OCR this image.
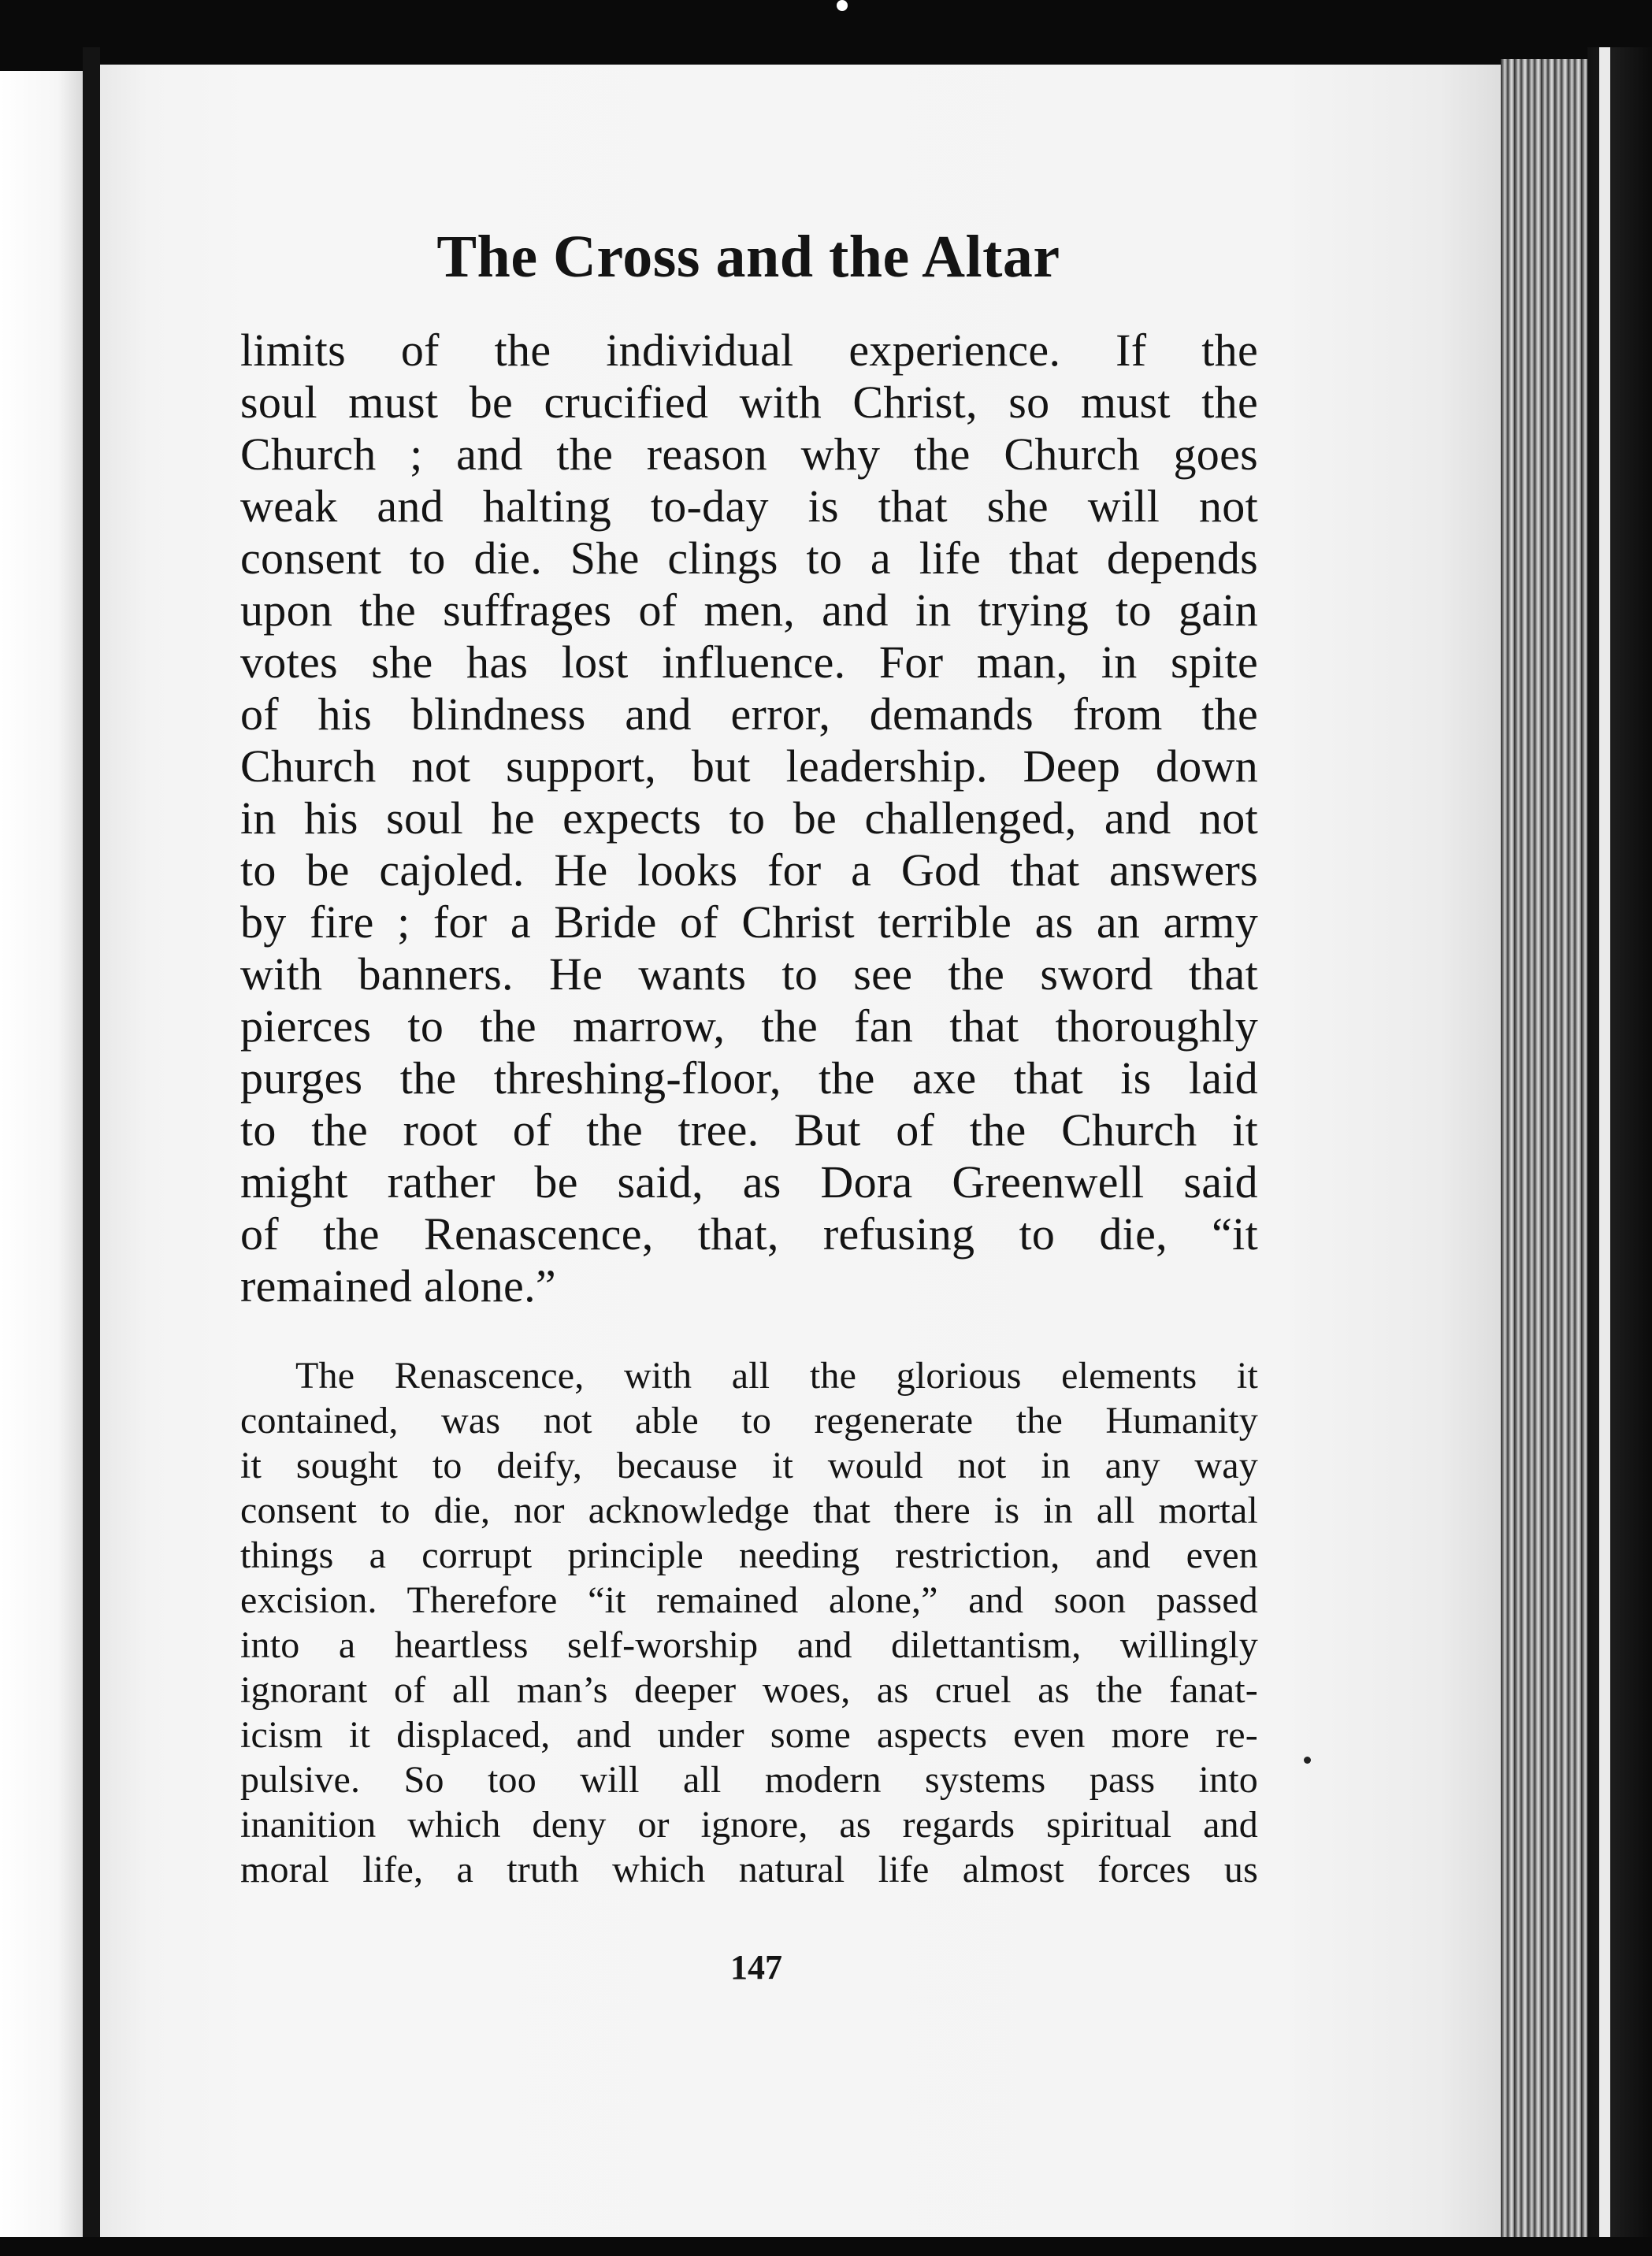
The Cross and the Altar
limits of the individual experience. If the
soul must be crucified with Christ, so must the
Church ; and the reason why the Church goes
weak and halting to-day is that she will not
consent to die. She clings to a life that depends
upon the suffrages of men, and in trying to gain
votes she has lost influence. For man, in spite
of his blindness and error, demands from the
Church not support, but leadership. Deep down
in his soul he expects to be challenged, and not
to be cajoled. He looks for a God that answers
by fire ; for a Bride of Christ terrible as an army
with banners. He wants to see the sword that
pierces to the marrow, the fan that thoroughly
purges the threshing-floor, the axe that is laid
to the root of the tree. But of the Church it
might rather be said, as Dora Greenwell said
of the Renascence, that, refusing to die, “it
remained alone.”
The Renascence, with all the glorious elements it
contained, was not able to regenerate the Humanity
it sought to deify, because it would not in any way
consent to die, nor acknowledge that there is in all mortal
things a corrupt principle needing restriction, and even
excision. Therefore “it remained alone,” and soon passed
into a heartless self-worship and dilettantism, willingly
ignorant of all man’s deeper woes, as cruel as the fanat-
icism it displaced, and under some aspects even more re-
pulsive. So too will all modern systems pass into
inanition which deny or ignore, as regards spiritual and
moral life, a truth which natural life almost forces us
147
